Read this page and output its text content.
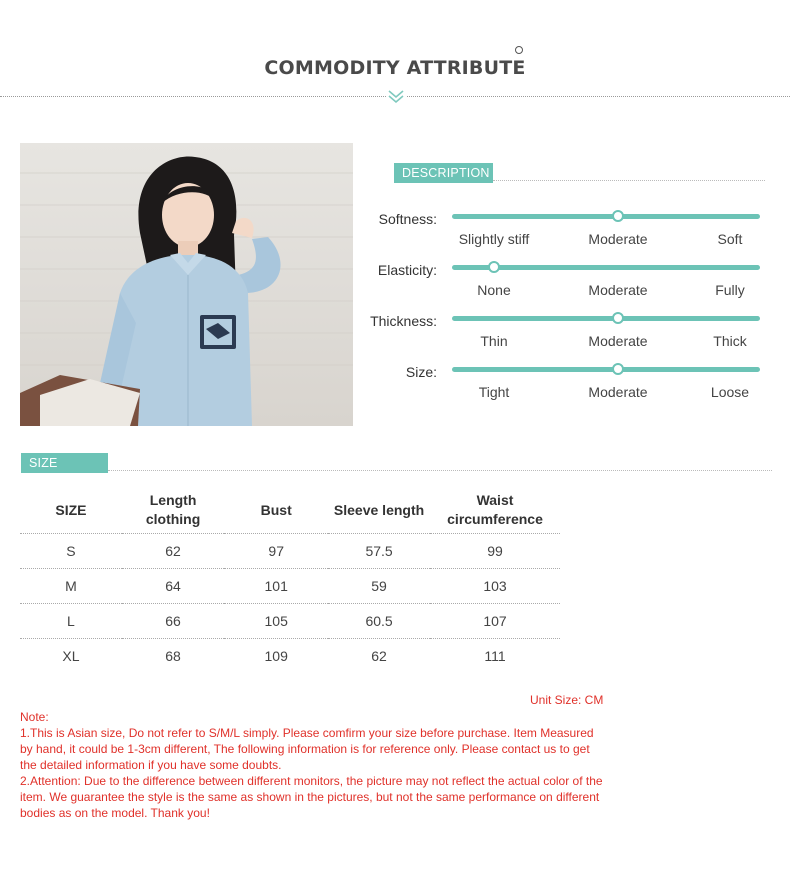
COMMODITY ATTRIBUTE
DESCRIPTION
Softness:
Slightly stiff	Moderate	Soft
Elasticity:
None	Moderate	Fully
Thickness:
Thin	Moderate	Thick
Size:
Tight	Moderate	Loose
SIZE FILTER
SIZE	Length clothing	Bust	Sleeve length	Waist circumference
S	62	97	57.5	99
M	64	101	59	103
L	66	105	60.5	107
XL	68	109	62	111
Unit Size: CM
Note:
1.This is Asian size, Do not refer to S/M/L simply. Please comfirm your size before purchase. Item Measured by hand, it could be 1-3cm different, The following information is for reference only. Please contact us to get the detailed information if you have some doubts.
2.Attention: Due to the difference between different monitors, the picture may not reflect the actual color of the item. We guarantee the style is the same as shown in the pictures, but not the same performance on different bodies as on the model. Thank you!
